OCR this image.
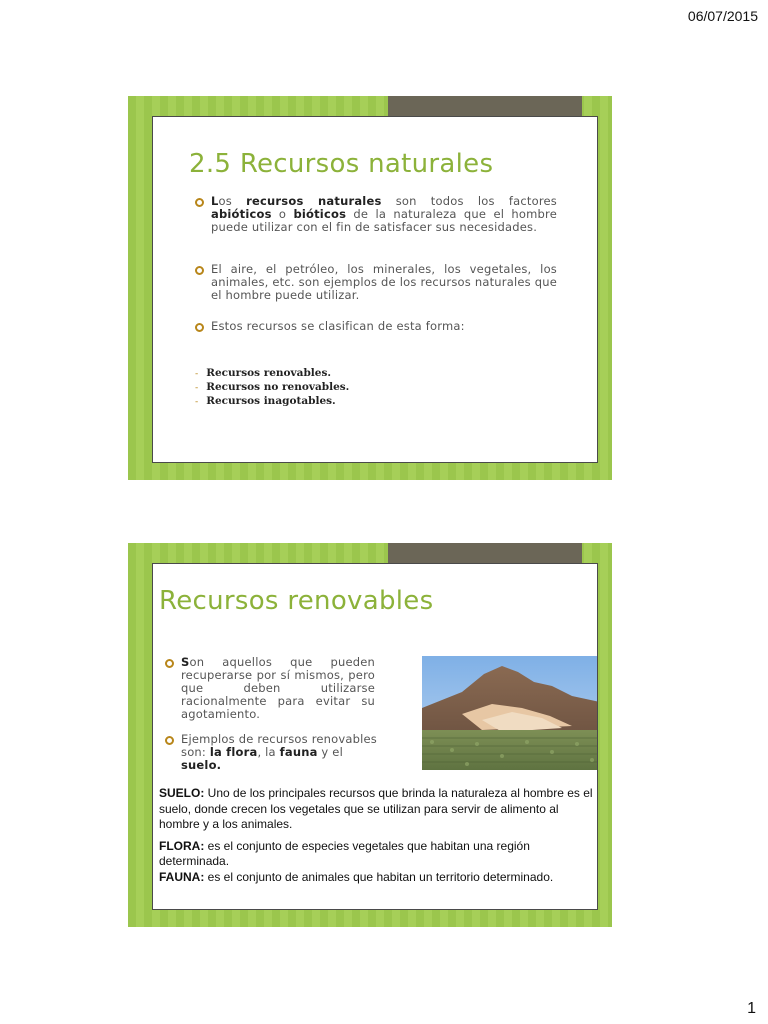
06/07/2015
2.5 Recursos naturales
Los recursos naturales son todos los factores abióticos o bióticos de la naturaleza que el hombre puede utilizar con el fin de satisfacer sus necesidades.
El aire, el petróleo, los minerales, los vegetales, los animales, etc. son ejemplos de los recursos naturales que el hombre puede utilizar.
Estos recursos se clasifican de esta forma:
- Recursos renovables.
- Recursos no renovables.
- Recursos inagotables.
Recursos renovables
Son aquellos que pueden recuperarse por sí mismos, pero que deben utilizarse racionalmente para evitar su agotamiento.
Ejemplos de recursos renovables son: la flora, la fauna y el suelo.

SUELO: Uno de los principales recursos que brinda la naturaleza al hombre es el suelo, donde crecen los vegetales que se utilizan para servir de alimento al hombre y a los animales.

FLORA: es el conjunto de especies vegetales que habitan una región determinada.

FAUNA: es el conjunto de animales que habitan un territorio determinado.

1
